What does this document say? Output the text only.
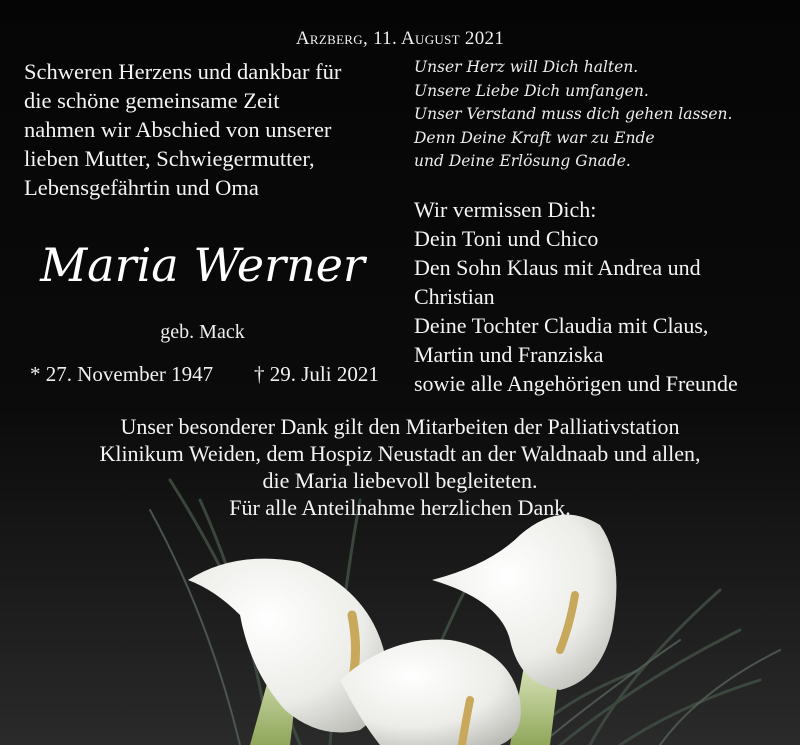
Arzberg, 11. August 2021
Schweren Herzens und dankbar für
die schöne gemeinsame Zeit
nahmen wir Abschied von unserer
lieben Mutter, Schwiegermutter,
Lebensgefährtin und Oma
Unser Herz will Dich halten.
Unsere Liebe Dich umfangen.
Unser Verstand muss dich gehen lassen.
Denn Deine Kraft war zu Ende
und Deine Erlösung Gnade.
Maria Werner
geb. Mack
* 27. November 1947 † 29. Juli 2021
Wir vermissen Dich:
Dein Toni und Chico
Den Sohn Klaus mit Andrea und
Christian
Deine Tochter Claudia mit Claus,
Martin und Franziska
sowie alle Angehörigen und Freunde
Unser besonderer Dank gilt den Mitarbeiten der Palliativstation
Klinikum Weiden, dem Hospiz Neustadt an der Waldnaab und allen,
die Maria liebevoll begleiteten.
Für alle Anteilnahme herzlichen Dank.
